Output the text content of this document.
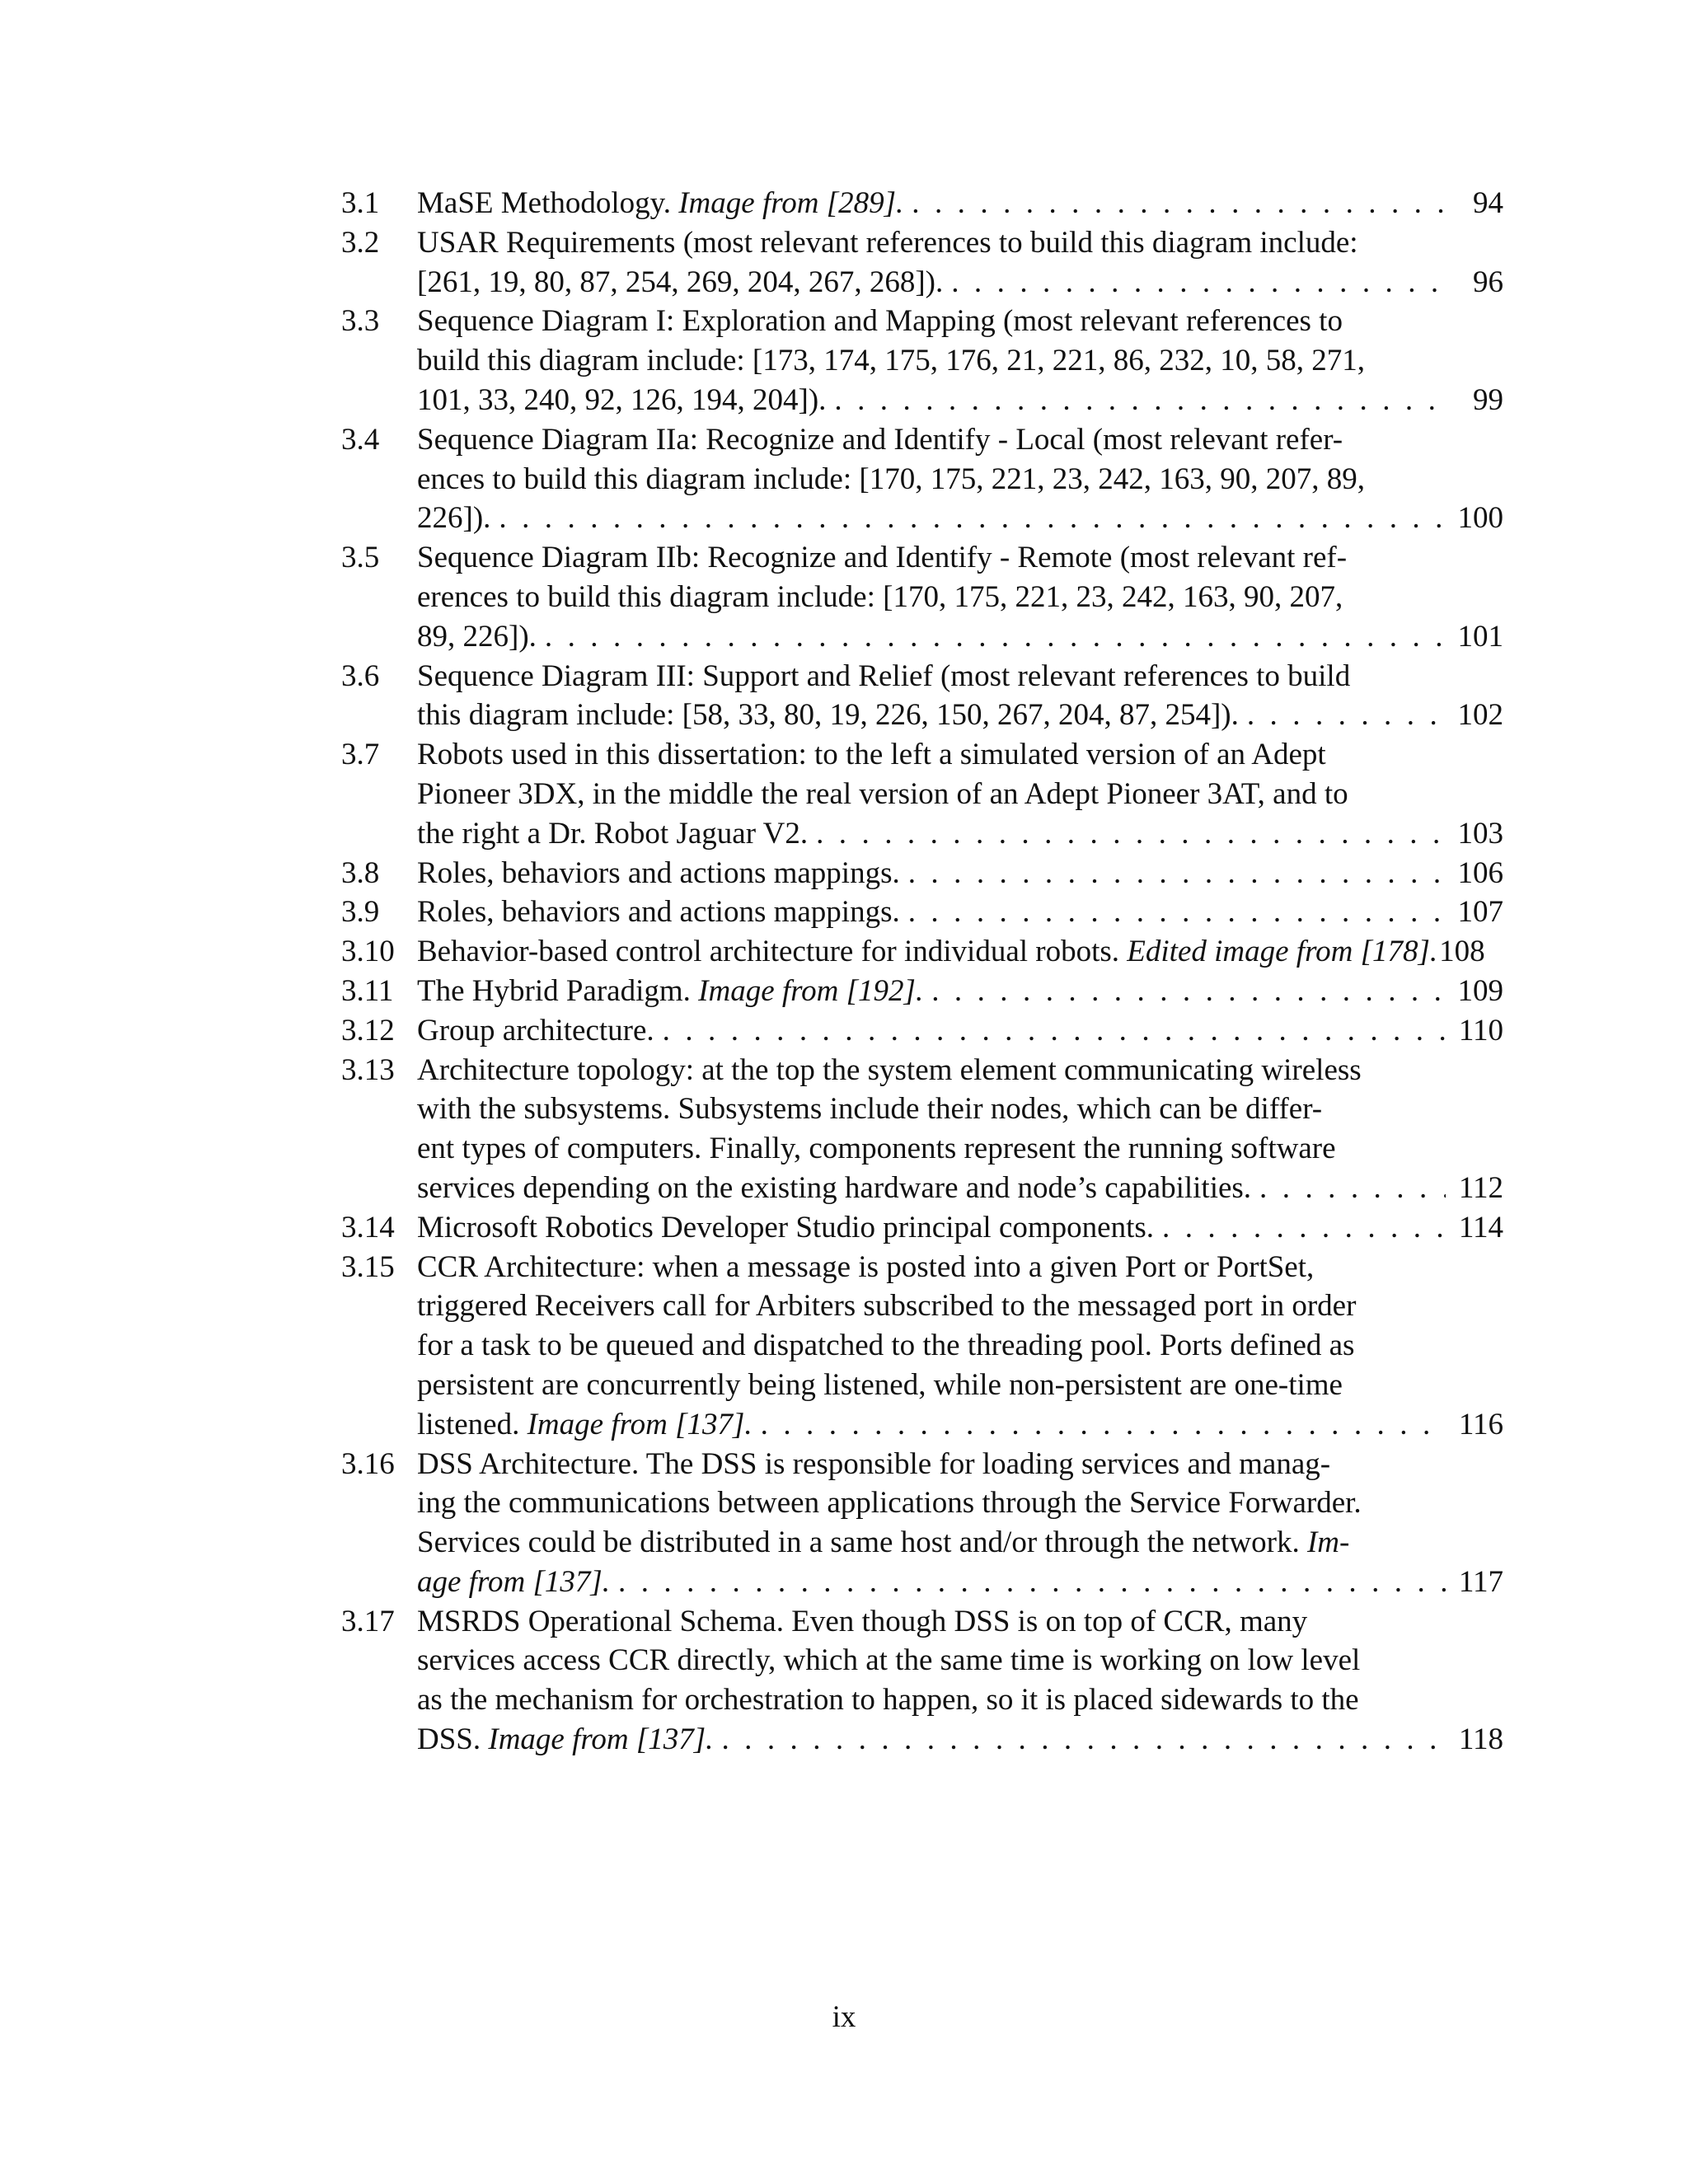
3.1	MaSE Methodology. Image from [289]. . . .	94
3.2	USAR Requirements (most relevant references to build this diagram include:
[261, 19, 80, 87, 254, 269, 204, 267, 268]). . . .	96
3.3	Sequence Diagram I: Exploration and Mapping (most relevant references to
build this diagram include: [173, 174, 175, 176, 21, 221, 86, 232, 10, 58, 271,
101, 33, 240, 92, 126, 194, 204]). . . .	99
3.4	Sequence Diagram IIa: Recognize and Identify - Local (most relevant refer-
ences to build this diagram include: [170, 175, 221, 23, 242, 163, 90, 207, 89,
226]). . . .	100
3.5	Sequence Diagram IIb: Recognize and Identify - Remote (most relevant ref-
erences to build this diagram include: [170, 175, 221, 23, 242, 163, 90, 207,
89, 226]). . . .	101
3.6	Sequence Diagram III: Support and Relief (most relevant references to build
this diagram include: [58, 33, 80, 19, 226, 150, 267, 204, 87, 254]). . . .	102
3.7	Robots used in this dissertation: to the left a simulated version of an Adept
Pioneer 3DX, in the middle the real version of an Adept Pioneer 3AT, and to
the right a Dr. Robot Jaguar V2. . . .	103
3.8	Roles, behaviors and actions mappings. . . .	106
3.9	Roles, behaviors and actions mappings. . . .	107
3.10 Behavior-based control architecture for individual robots. Edited image from [178]. 108
3.11 The Hybrid Paradigm. Image from [192]. . . .	109
3.12 Group architecture. . . .	110
3.13 Architecture topology: at the top the system element communicating wireless
with the subsystems. Subsystems include their nodes, which can be differ-
ent types of computers. Finally, components represent the running software
services depending on the existing hardware and node’s capabilities. . . .	112
3.14 Microsoft Robotics Developer Studio principal components. . . .	114
3.15 CCR Architecture: when a message is posted into a given Port or PortSet,
triggered Receivers call for Arbiters subscribed to the messaged port in order
for a task to be queued and dispatched to the threading pool. Ports defined as
persistent are concurrently being listened, while non-persistent are one-time
listened. Image from [137]. . . .	116
3.16 DSS Architecture. The DSS is responsible for loading services and manag-
ing the communications between applications through the Service Forwarder.
Services could be distributed in a same host and/or through the network. Im-
age from [137]. . . .	117
3.17 MSRDS Operational Schema. Even though DSS is on top of CCR, many
services access CCR directly, which at the same time is working on low level
as the mechanism for orchestration to happen, so it is placed sidewards to the
DSS. Image from [137]. . . .	118
ix
